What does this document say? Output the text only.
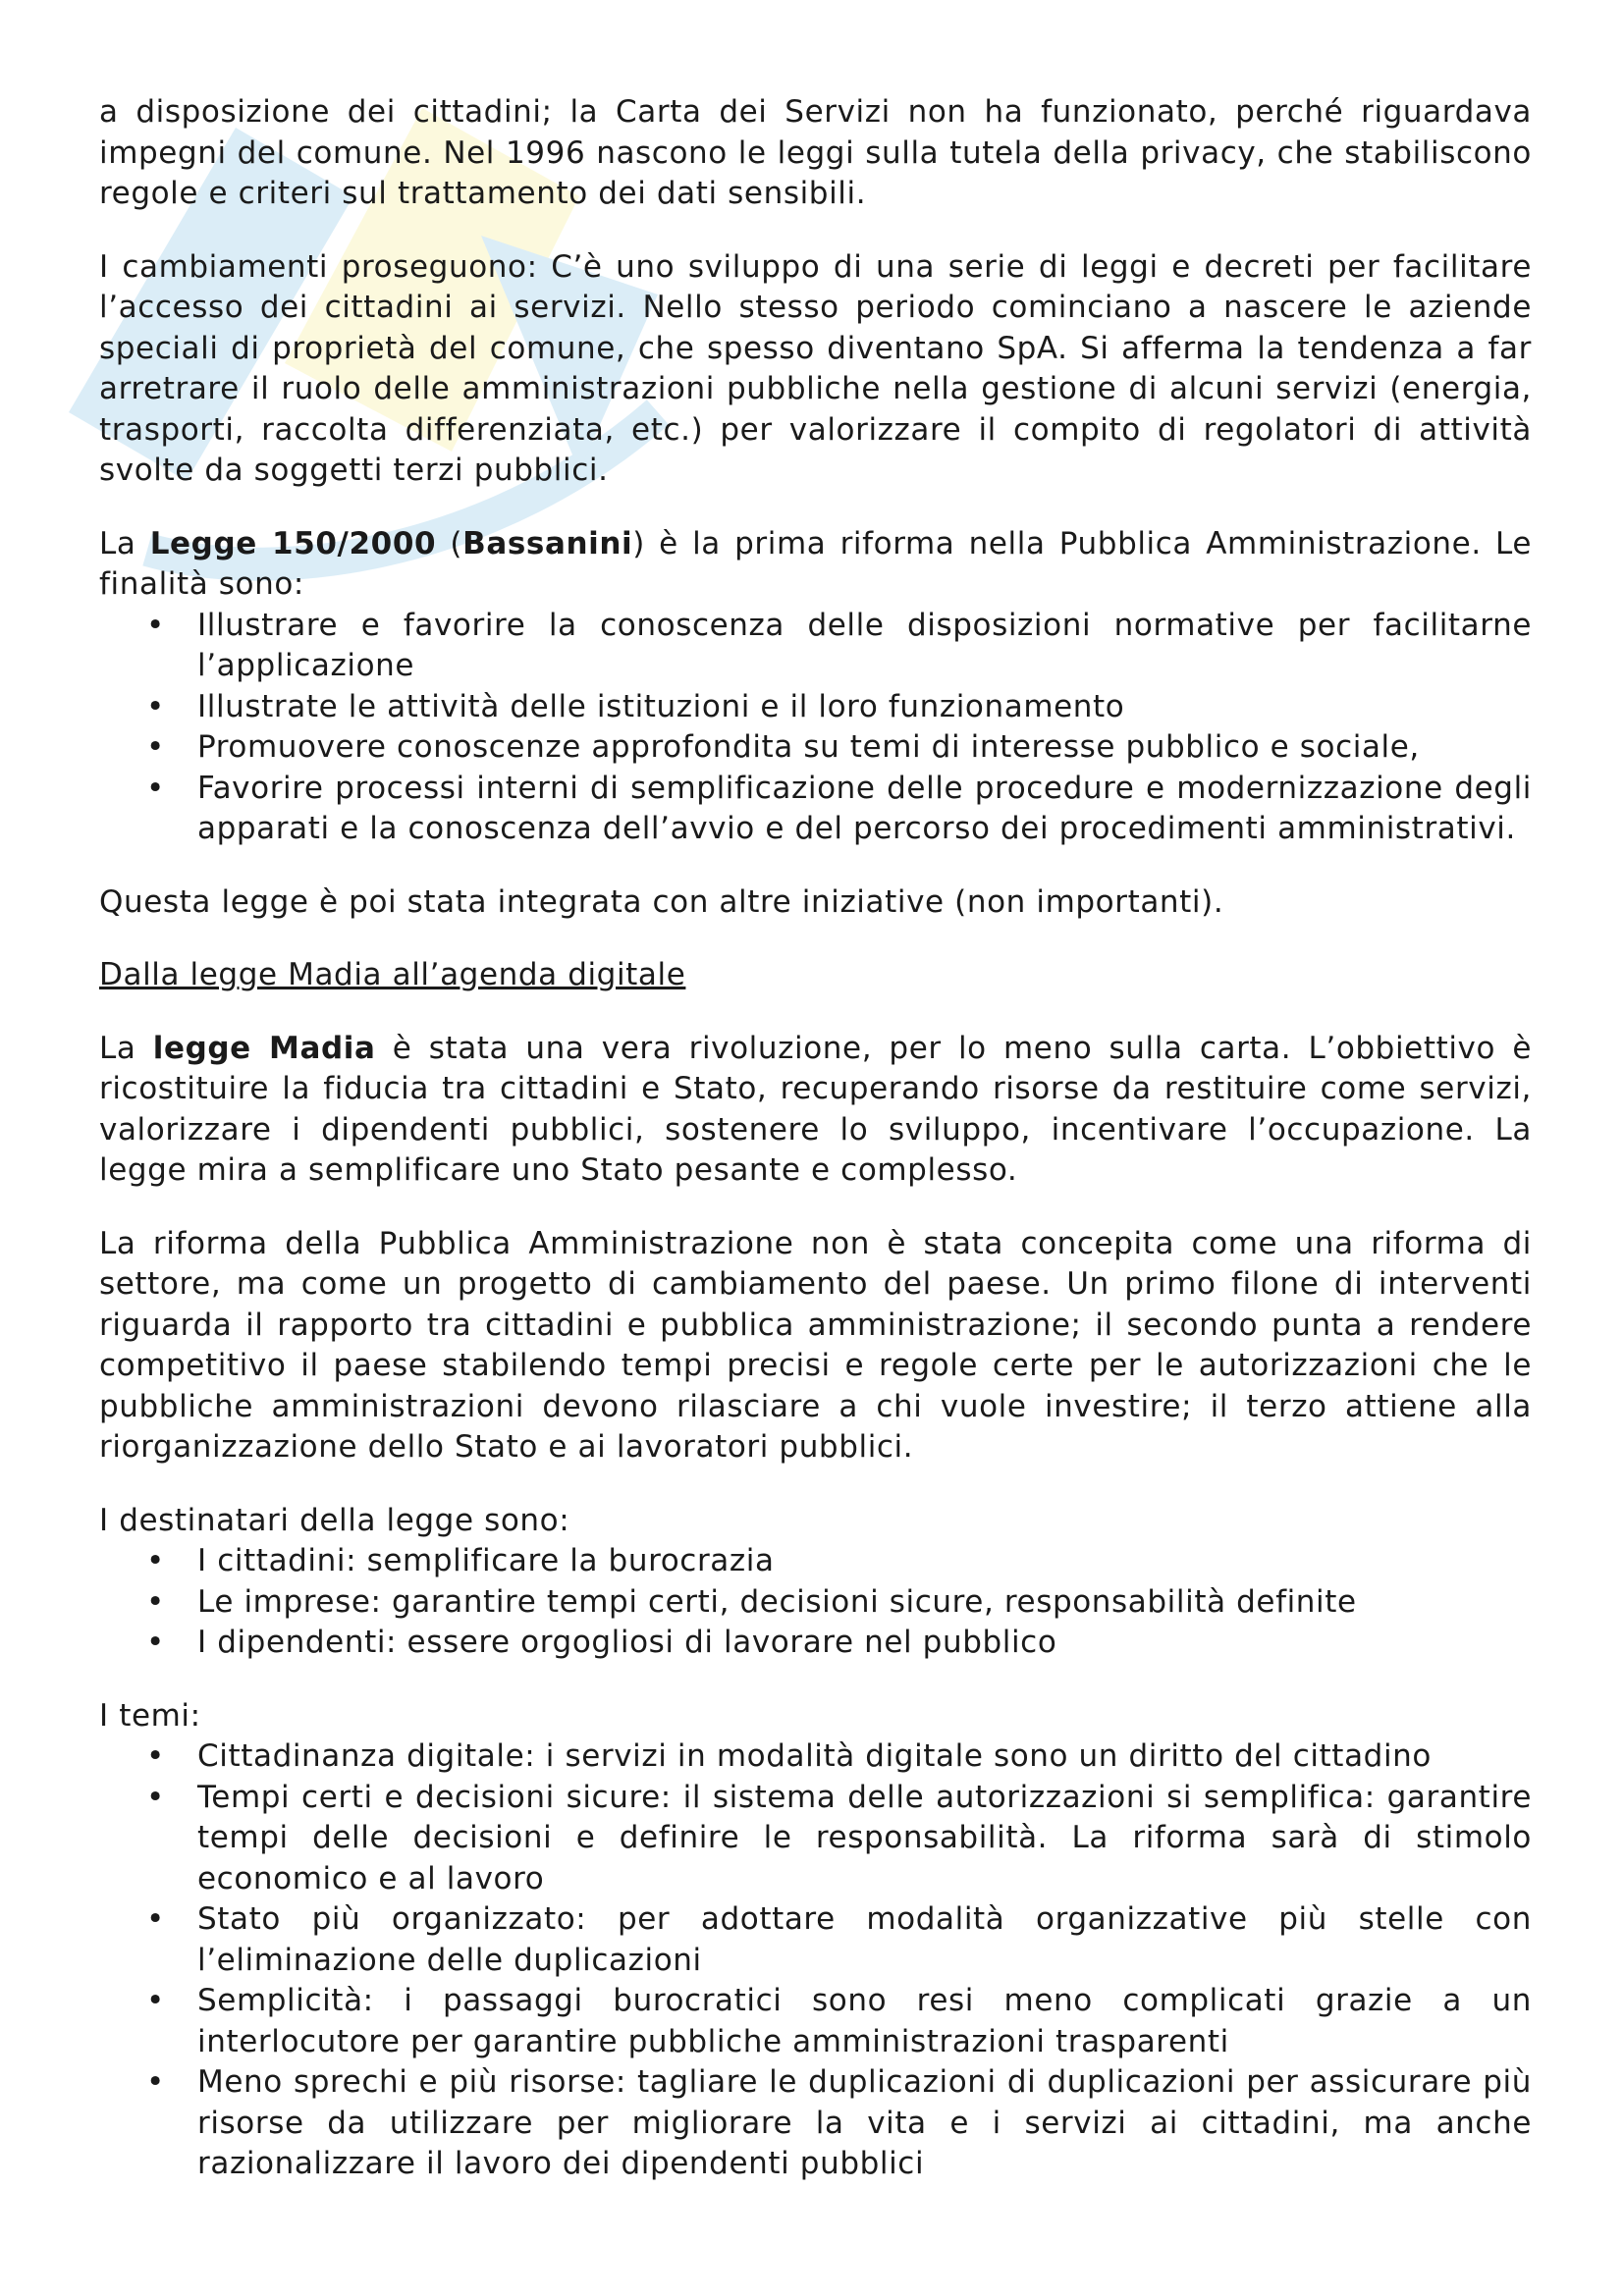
a disposizione dei cittadini; la Carta dei Servizi non ha funzionato, perché riguardava impegni del comune. Nel 1996 nascono le leggi sulla tutela della privacy, che stabiliscono regole e criteri sul trattamento dei dati sensibili.

I cambiamenti proseguono: C’è uno sviluppo di una serie di leggi e decreti per facilitare l’accesso dei cittadini ai servizi. Nello stesso periodo cominciano a nascere le aziende speciali di proprietà del comune, che spesso diventano SpA. Si afferma la tendenza a far arretrare il ruolo delle amministrazioni pubbliche nella gestione di alcuni servizi (energia, trasporti, raccolta differenziata, etc.) per valorizzare il compito di regolatori di attività svolte da soggetti terzi pubblici.

La Legge 150/2000 (Bassanini) è la prima riforma nella Pubblica Amministrazione. Le finalità sono:

• Illustrare e favorire la conoscenza delle disposizioni normative per facilitarne l’applicazione
• Illustrate le attività delle istituzioni e il loro funzionamento
• Promuovere conoscenze approfondita su temi di interesse pubblico e sociale,
• Favorire processi interni di semplificazione delle procedure e modernizzazione degli apparati e la conoscenza dell’avvio e del percorso dei procedimenti amministrativi.

Questa legge è poi stata integrata con altre iniziative (non importanti).

Dalla legge Madia all’agenda digitale

La legge Madia è stata una vera rivoluzione, per lo meno sulla carta. L’obbiettivo è ricostituire la fiducia tra cittadini e Stato, recuperando risorse da restituire come servizi, valorizzare i dipendenti pubblici, sostenere lo sviluppo, incentivare l’occupazione. La legge mira a semplificare uno Stato pesante e complesso.

La riforma della Pubblica Amministrazione non è stata concepita come una riforma di settore, ma come un progetto di cambiamento del paese. Un primo filone di interventi riguarda il rapporto tra cittadini e pubblica amministrazione; il secondo punta a rendere competitivo il paese stabilendo tempi precisi e regole certe per le autorizzazioni che le pubbliche amministrazioni devono rilasciare a chi vuole investire; il terzo attiene alla riorganizzazione dello Stato e ai lavoratori pubblici.

I destinatari della legge sono:

• I cittadini: semplificare la burocrazia
• Le imprese: garantire tempi certi, decisioni sicure, responsabilità definite
• I dipendenti: essere orgogliosi di lavorare nel pubblico

I temi:

• Cittadinanza digitale: i servizi in modalità digitale sono un diritto del cittadino
• Tempi certi e decisioni sicure: il sistema delle autorizzazioni si semplifica: garantire tempi delle decisioni e definire le responsabilità. La riforma sarà di stimolo economico e al lavoro
• Stato più organizzato: per adottare modalità organizzative più stelle con l’eliminazione delle duplicazioni
• Semplicità: i passaggi burocratici sono resi meno complicati grazie a un interlocutore per garantire pubbliche amministrazioni trasparenti
• Meno sprechi e più risorse: tagliare le duplicazioni di duplicazioni per assicurare più risorse da utilizzare per migliorare la vita e i servizi ai cittadini, ma anche razionalizzare il lavoro dei dipendenti pubblici
